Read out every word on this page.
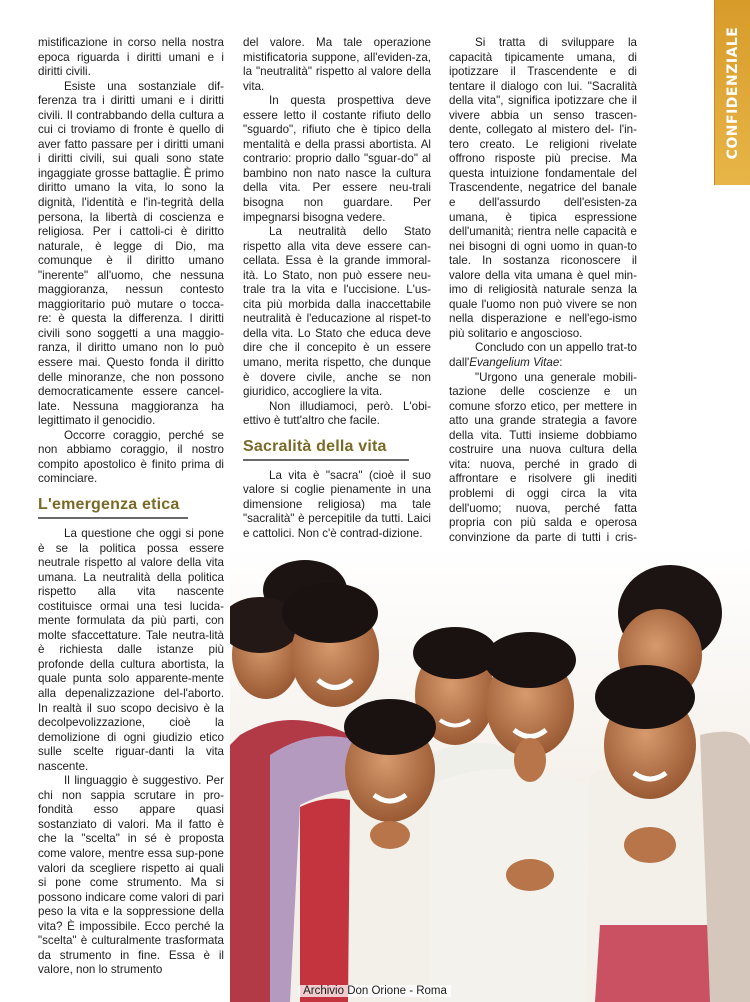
mistificazione in corso nella nostra epoca riguarda i diritti umani e i diritti civili.

Esiste una sostanziale dif-ferenza tra i diritti umani e i diritti civili. Il contrabbando della cultura a cui ci troviamo di fronte è quello di aver fatto passare per i diritti umani i diritti civili, sui quali sono state ingaggiate grosse battaglie. È primo diritto umano la vita, lo sono la dignità, l'identità e l'in-tegrità della persona, la libertà di coscienza e religiosa. Per i cattoli-ci è diritto naturale, è legge di Dio, ma comunque è il diritto umano "inerente" all'uomo, che nessuna maggioranza, nessun contesto maggioritario può mutare o tocca-re: è questa la differenza. I diritti civili sono soggetti a una maggio-ranza, il diritto umano non lo può essere mai. Questo fonda il diritto delle minoranze, che non possono democraticamente essere cancel-late. Nessuna maggioranza ha legittimato il genocidio.

Occorre coraggio, perché se non abbiamo coraggio, il nostro compito apostolico è finito prima di cominciare.

L'emergenza etica

La questione che oggi si pone è se la politica possa essere neutrale rispetto al valore della vita umana. La neutralità della politica rispetto alla vita nascente costituisce ormai una tesi lucida-mente formulata da più parti, con molte sfaccettature. Tale neutra-lità è richiesta dalle istanze più profonde della cultura abortista, la quale punta solo apparente-mente alla depenalizzazione del-l'aborto. In realtà il suo scopo decisivo è la decolpevolizzazione, cioè la demolizione di ogni giudizio etico sulle scelte riguar-danti la vita nascente.

Il linguaggio è suggestivo. Per chi non sappia scrutare in pro-fondità esso appare quasi sostanziato di valori. Ma il fatto è che la "scelta" in sé è proposta come valore, mentre essa sup-pone valori da scegliere rispetto ai quali si pone come strumento. Ma si possono indicare come valori di pari peso la vita e la soppressione della vita? È impossibile. Ecco perché la "scelta" è culturalmente trasformata da strumento in fine. Essa è il valore, non lo strumento

del valore. Ma tale operazione mistificatoria suppone, all'eviden-za, la "neutralità" rispetto al valore della vita.

In questa prospettiva deve essere letto il costante rifiuto dello "sguardo", rifiuto che è tipico della mentalità e della prassi abortista. Al contrario: proprio dallo "sguar-do" al bambino non nato nasce la cultura della vita. Per essere neu-trali bisogna non guardare. Per impegnarsi bisogna vedere.

La neutralità dello Stato rispetto alla vita deve essere can-cellata. Essa è la grande immoral-ità. Lo Stato, non può essere neu-trale tra la vita e l'uccisione. L'us-cita più morbida dalla inaccettabile neutralità è l'educazione al rispet-to della vita. Lo Stato che educa deve dire che il concepito è un essere umano, merita rispetto, che dunque è dovere civile, anche se non giuridico, accogliere la vita.

Non illudiamoci, però. L'obi-ettivo è tutt'altro che facile.

Sacralità della vita

La vita è "sacra" (cioè il suo valore si coglie pienamente in una dimensione religiosa) ma tale "sacralità" è percepitile da tutti. Laici e cattolici. Non c'è contrad-dizione.

Si tratta di sviluppare la capacità tipicamente umana, di ipotizzare il Trascendente e di tentare il dialogo con lui. "Sacralità della vita", significa ipotizzare che il vivere abbia un senso trascen-dente, collegato al mistero del- l'in-tero creato. Le religioni rivelate offrono risposte più precise. Ma questa intuizione fondamentale del Trascendente, negatrice del banale e dell'assurdo dell'esisten-za umana, è tipica espressione dell'umanità; rientra nelle capacità e nei bisogni di ogni uomo in quan-to tale. In sostanza riconoscere il valore della vita umana è quel min-imo di religiosità naturale senza la quale l'uomo non può vivere se non nella disperazione e nell'ego-ismo più solitario e angoscioso.

Concludo con un appello trat-to dall'Evangelium Vitae:

"Urgono una generale mobili-tazione delle coscienze e un comune sforzo etico, per mettere in atto una grande strategia a favore della vita. Tutti insieme dobbiamo costruire una nuova cultura della vita: nuova, perché in grado di affrontare e risolvere gli inediti problemi di oggi circa la vita dell'uomo; nuova, perché fatta propria con più salda e operosa convinzione da parte di tutti i cris-

CONFIDENZIALE
Archivio Don Orione - Roma
